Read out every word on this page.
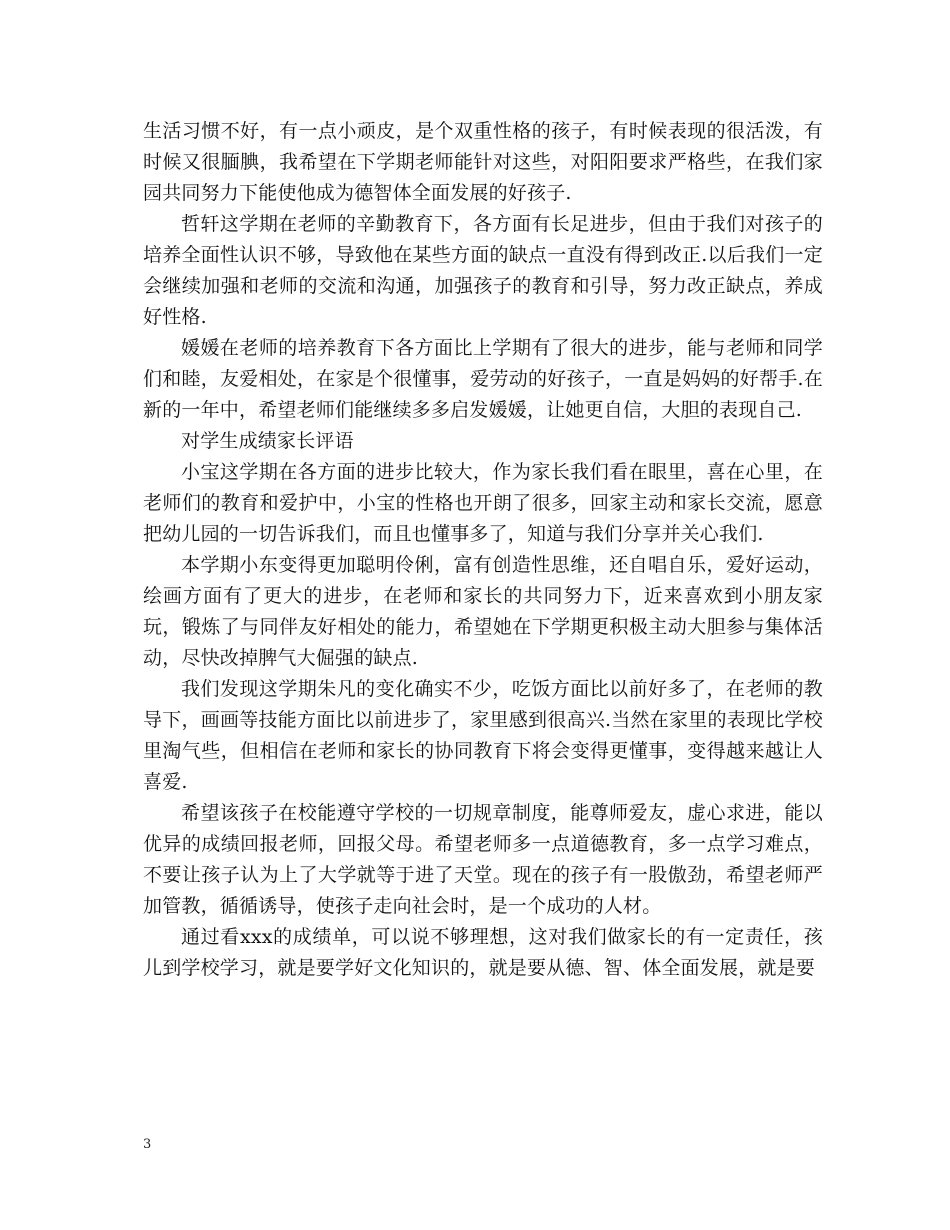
生活习惯不好，有一点小顽皮，是个双重性格的孩子，有时候表现的很活泼，有时候又很腼腆，我希望在下学期老师能针对这些，对阳阳要求严格些，在我们家园共同努力下能使他成为德智体全面发展的好孩子.

哲轩这学期在老师的辛勤教育下，各方面有长足进步，但由于我们对孩子的培养全面性认识不够，导致他在某些方面的缺点一直没有得到改正.以后我们一定会继续加强和老师的交流和沟通，加强孩子的教育和引导，努力改正缺点，养成好性格.

媛媛在老师的培养教育下各方面比上学期有了很大的进步，能与老师和同学们和睦，友爱相处，在家是个很懂事，爱劳动的好孩子，一直是妈妈的好帮手.在新的一年中，希望老师们能继续多多启发媛媛，让她更自信，大胆的表现自己.

对学生成绩家长评语

小宝这学期在各方面的进步比较大，作为家长我们看在眼里，喜在心里，在老师们的教育和爱护中，小宝的性格也开朗了很多，回家主动和家长交流，愿意把幼儿园的一切告诉我们，而且也懂事多了，知道与我们分享并关心我们.

本学期小东变得更加聪明伶俐，富有创造性思维，还自唱自乐，爱好运动，绘画方面有了更大的进步，在老师和家长的共同努力下，近来喜欢到小朋友家玩，锻炼了与同伴友好相处的能力，希望她在下学期更积极主动大胆参与集体活动，尽快改掉脾气大倔强的缺点.

我们发现这学期朱凡的变化确实不少，吃饭方面比以前好多了，在老师的教导下，画画等技能方面比以前进步了，家里感到很高兴.当然在家里的表现比学校里淘气些，但相信在老师和家长的协同教育下将会变得更懂事，变得越来越让人喜爱.

希望该孩子在校能遵守学校的一切规章制度，能尊师爱友，虚心求进，能以优异的成绩回报老师，回报父母。希望老师多一点道德教育，多一点学习难点，不要让孩子认为上了大学就等于进了天堂。现在的孩子有一股傲劲，希望老师严加管教，循循诱导，使孩子走向社会时，是一个成功的人材。

通过看xxx的成绩单，可以说不够理想，这对我们做家长的有一定责任，孩儿到学校学习，就是要学好文化知识的，就是要从德、智、体全面发展，就是要

3
